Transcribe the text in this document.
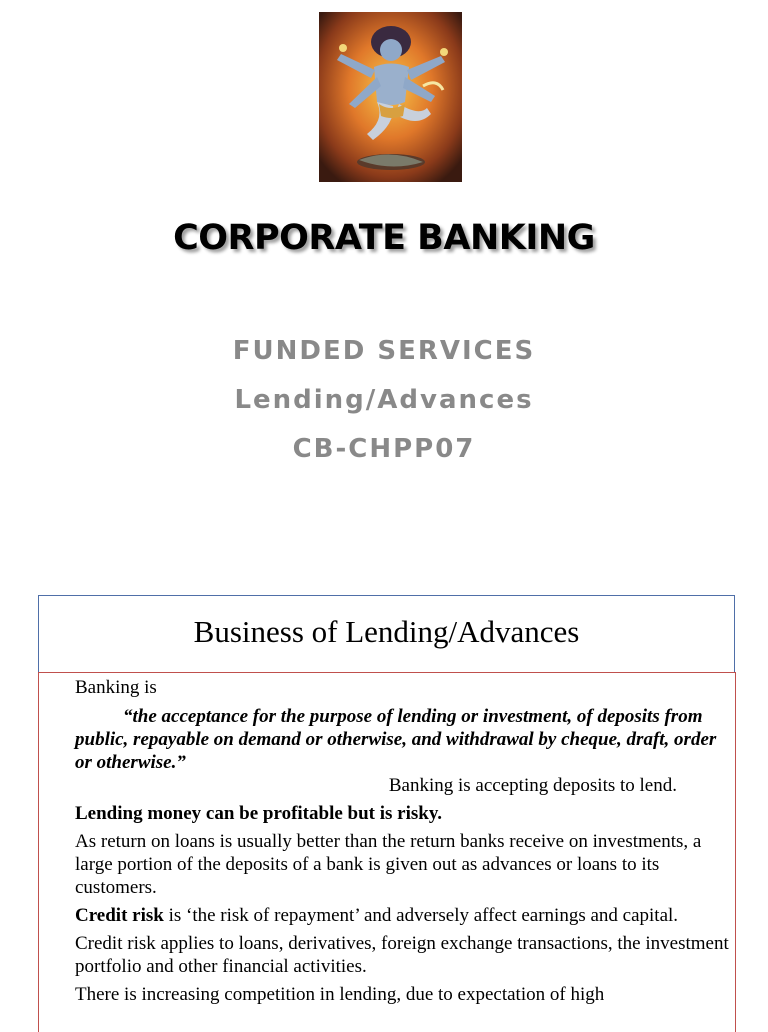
CORPORATE BANKING
FUNDED SERVICES
Lending/Advances
CB-CHPP07
Business of Lending/Advances

Banking is

“the acceptance for the purpose of lending or investment, of deposits from public, repayable on demand or otherwise, and withdrawal by cheque, draft, order or otherwise.”

Banking is accepting deposits to lend.

Lending money can be profitable but is risky.

As return on loans is usually better than the return banks receive on investments, a large portion of the deposits of a bank is given out as advances or loans to its customers.

Credit risk is ‘the risk of repayment’ and adversely affect earnings and capital.

Credit risk applies to loans, derivatives, foreign exchange transactions, the investment portfolio and other financial activities.

There is increasing competition in lending, due to expectation of high
